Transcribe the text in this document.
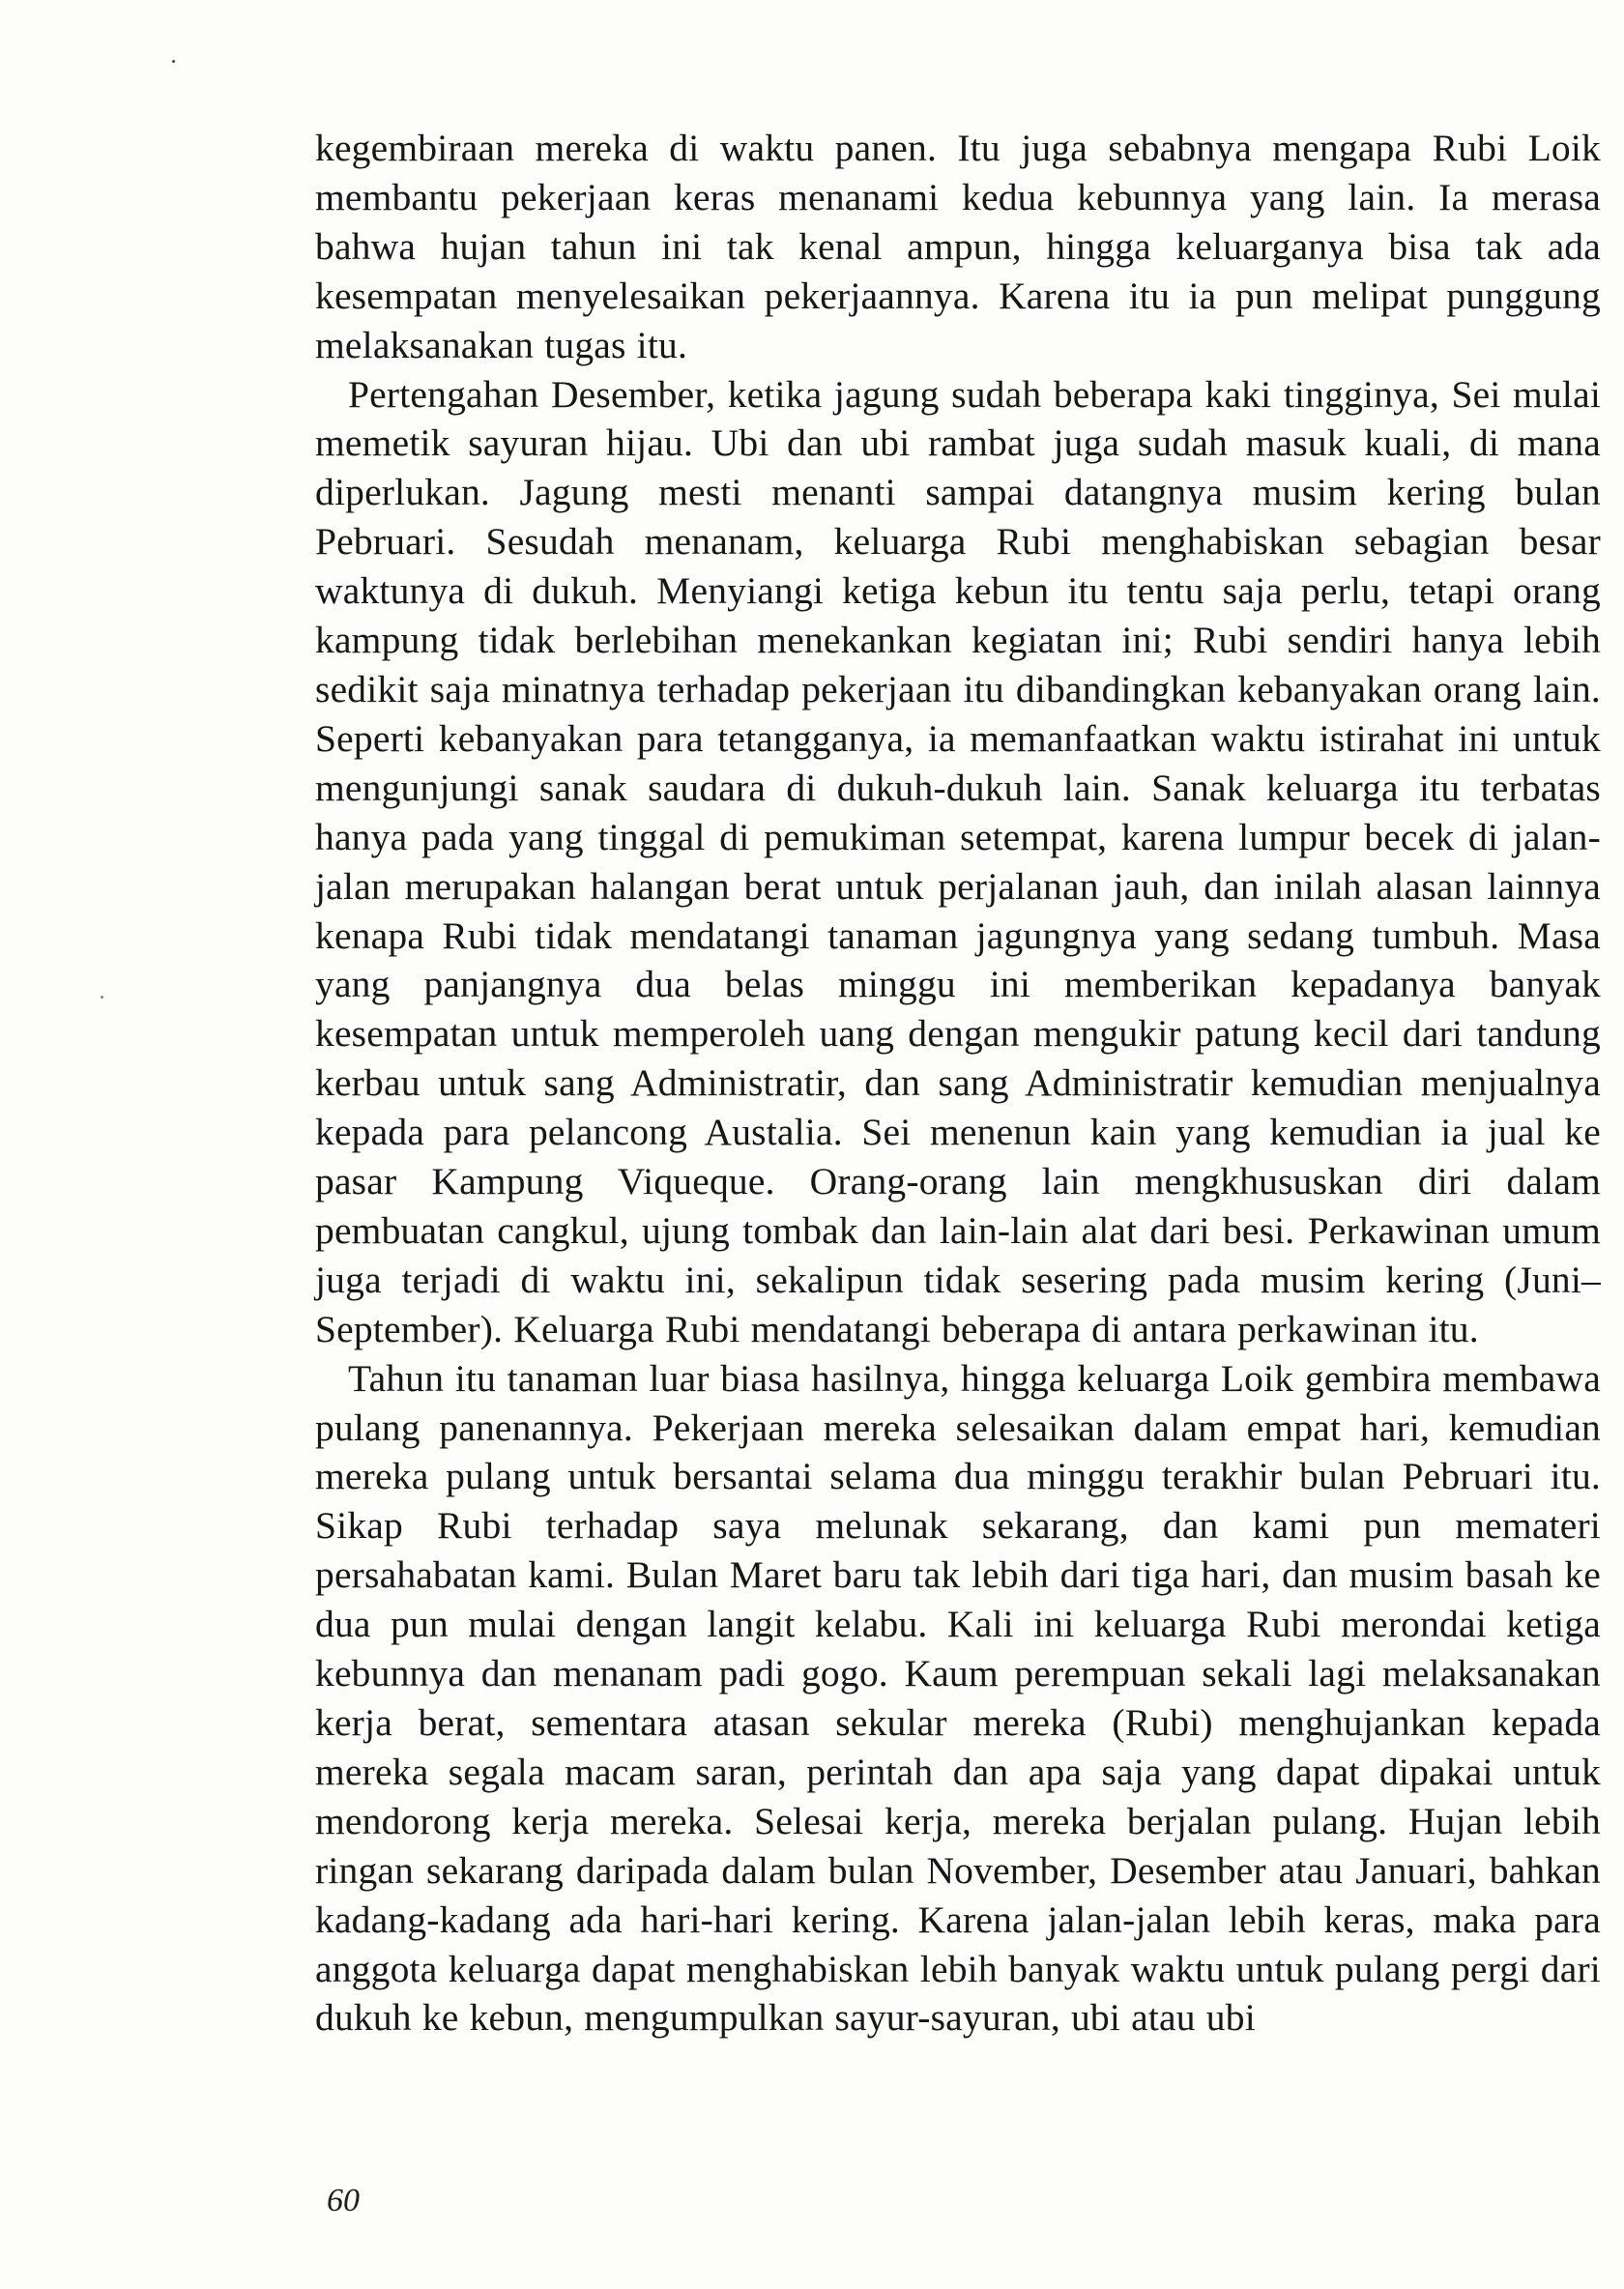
kegembiraan mereka di waktu panen. Itu juga sebabnya mengapa Rubi Loik membantu pekerjaan keras menanami kedua kebunnya yang lain. Ia merasa bahwa hujan tahun ini tak kenal ampun, hingga keluarganya bisa tak ada kesempatan menyelesaikan pekerjaannya. Karena itu ia pun melipat punggung melaksanakan tugas itu.

Pertengahan Desember, ketika jagung sudah beberapa kaki tingginya, Sei mulai memetik sayuran hijau. Ubi dan ubi rambat juga sudah masuk kuali, di mana diperlukan. Jagung mesti menanti sampai datangnya musim kering bulan Pebruari. Sesudah menanam, keluarga Rubi menghabiskan sebagian besar waktunya di dukuh. Menyiangi ketiga kebun itu tentu saja perlu, tetapi orang kampung tidak berlebihan menekankan kegiatan ini; Rubi sendiri hanya lebih sedikit saja minatnya terhadap pekerjaan itu dibandingkan kebanyakan orang lain. Seperti kebanyakan para tetangganya, ia memanfaatkan waktu istirahat ini untuk mengunjungi sanak saudara di dukuh-dukuh lain. Sanak keluarga itu terbatas hanya pada yang tinggal di pemukiman setempat, karena lumpur becek di jalan-jalan merupakan halangan berat untuk perjalanan jauh, dan inilah alasan lainnya kenapa Rubi tidak mendatangi tanaman jagungnya yang sedang tumbuh. Masa yang panjangnya dua belas minggu ini memberikan kepadanya banyak kesempatan untuk memperoleh uang dengan mengukir patung kecil dari tandung kerbau untuk sang Administratir, dan sang Administratir kemudian menjualnya kepada para pelancong Austalia. Sei menenun kain yang kemudian ia jual ke pasar Kampung Viqueque. Orang-orang lain mengkhususkan diri dalam pembuatan cangkul, ujung tombak dan lain-lain alat dari besi. Perkawinan umum juga terjadi di waktu ini, sekalipun tidak sesering pada musim kering (Juni–September). Keluarga Rubi mendatangi beberapa di antara perkawinan itu.

Tahun itu tanaman luar biasa hasilnya, hingga keluarga Loik gembira membawa pulang panenannya. Pekerjaan mereka selesaikan dalam empat hari, kemudian mereka pulang untuk bersantai selama dua minggu terakhir bulan Pebruari itu. Sikap Rubi terhadap saya melunak sekarang, dan kami pun mematerі persahabatan kami. Bulan Maret baru tak lebih dari tiga hari, dan musim basah ke dua pun mulai dengan langit kelabu. Kali ini keluarga Rubi merondai ketiga kebunnya dan menanam padi gogo. Kaum perempuan sekali lagi melaksanakan kerja berat, sementara atasan sekular mereka (Rubi) menghujankan kepada mereka segala macam saran, perintah dan apa saja yang dapat dipakai untuk mendorong kerja mereka. Selesai kerja, mereka berjalan pulang. Hujan lebih ringan sekarang daripada dalam bulan November, Desember atau Januari, bahkan kadang-kadang ada hari-hari kering. Karena jalan-jalan lebih keras, maka para anggota keluarga dapat menghabiskan lebih banyak waktu untuk pulang pergi dari dukuh ke kebun, mengumpulkan sayur-sayuran, ubi atau ubi

60
